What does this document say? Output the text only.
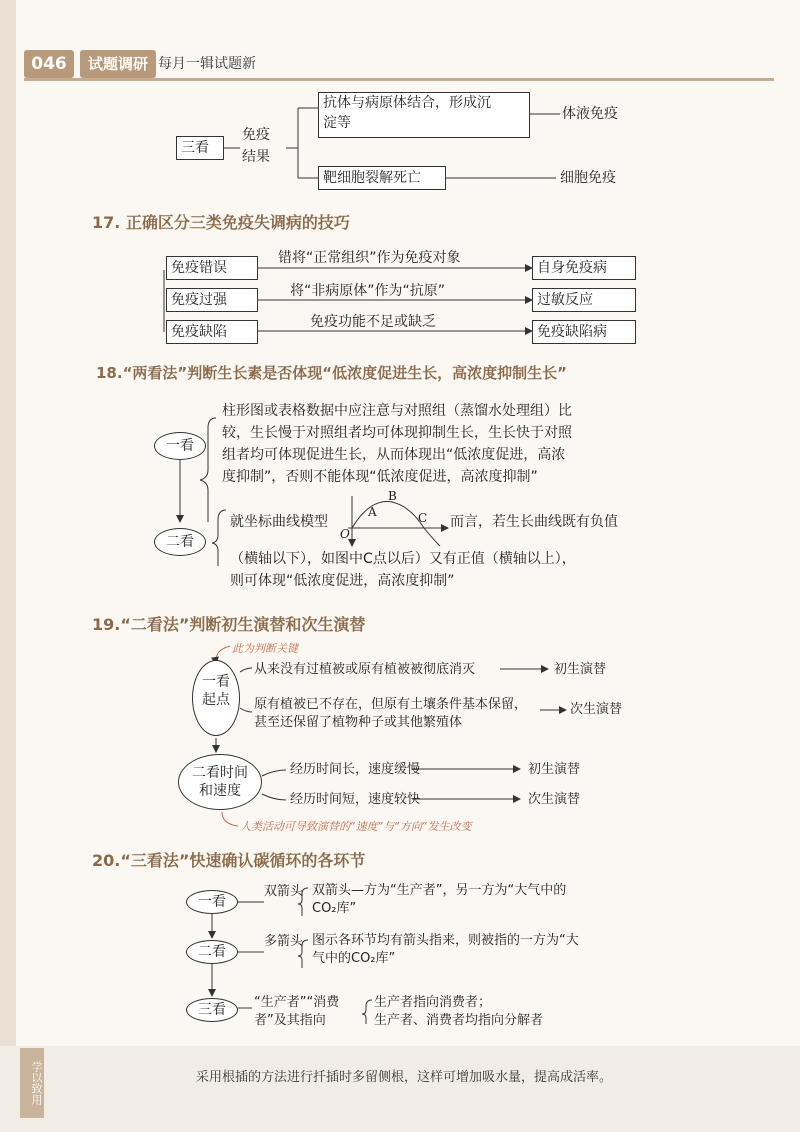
046	试题调研 每月一辑试题新
三看
免疫
结果
抗体与病原体结合，形成沉
淀等
体液免疫
靶细胞裂解死亡	细胞免疫
17. 正确区分三类免疫失调病的技巧
免疫错误
错将“正常组织”作为免疫对象
自身免疫病
免疫过强
将“非病原体”作为“抗原”
过敏反应
免疫缺陷
免疫功能不足或缺乏
免疫缺陷病
18.“两看法”判断生长素是否体现“低浓度促进生长，高浓度抑制生长”
一看
柱形图或表格数据中应注意与对照组（蒸馏水处理组）比
较，生长慢于对照组者均可体现抑制生长，生长快于对照
组者均可体现促进生长，从而体现出“低浓度促进，高浓
度抑制”，否则不能体现“低浓度促进，高浓度抑制”
二看
就坐标曲线模型	而言，若生长曲线既有负值
（横轴以下），如图中C点以后）又有正值（横轴以上），
则可体现“低浓度促进，高浓度抑制”
A
B
C
O
19.“二看法”判断初生演替和次生演替
此为判断关键
一看
起点
从来没有过植被或原有植被被彻底消灭	初生演替
原有植被已不存在，但原有土壤条件基本保留，
甚至还保留了植物种子或其他繁殖体
次生演替
二看时间
和速度
经历时间长，速度缓慢	初生演替
经历时间短，速度较快	次生演替
人类活动可导致演替的“速度”与“方向”发生改变
20.“三看法”快速确认碳循环的各环节
一看
双箭头 双箭头—方为“生产者”，另一方为“大气中的
CO₂库”
二看
多箭头 图示各环节均有箭头指来，则被指的一方为“大
气中的CO₂库”
三看	“生产者”“消费
者”及其指向
生产者指向消费者；
生产者、消费者均指向分解者
学以致用	采用根插的方法进行扦插时多留侧根，这样可增加吸水量，提高成活率。
